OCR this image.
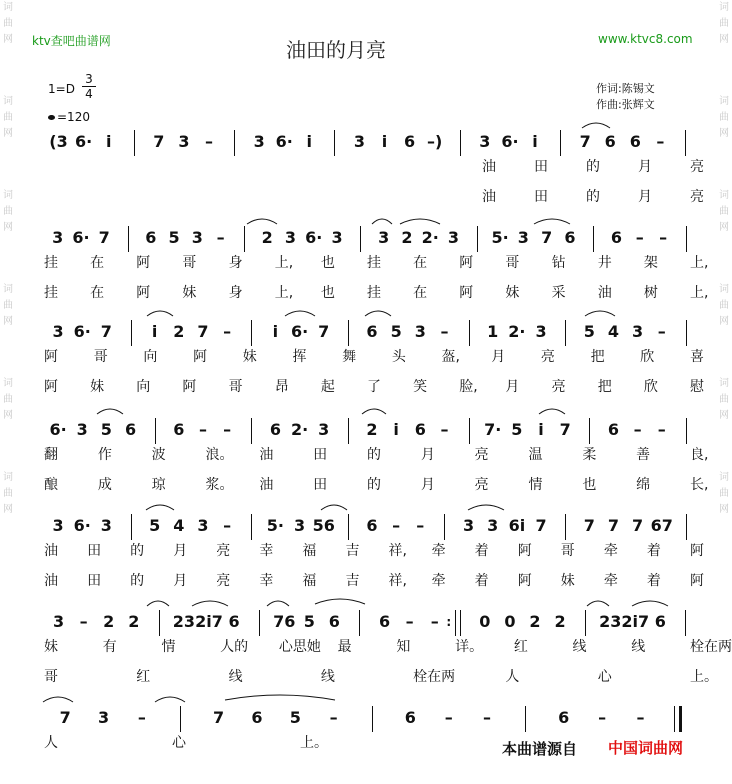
词
曲
网
词
曲
网
词
曲
网
词
曲
网
词
曲
网
词
曲
网
词
曲
网
词
曲
网
词
曲
网
词
曲
网
词
曲
网
词
曲
网
ktv查吧曲谱网	www.ktvc8.com
油田的月亮
$1=D \frac{3}{4}$
=120
作词:陈锡文
作曲:张辉文
(3 6· i	7 3 –	3 6· i	3 i 6 –) 3 6· i	7 6 6 –
油	田	的	月	亮
油	田	的	月	亮
3 6· 7 6 5 3 – 2 3 6· 3 3 2 2· 3 5· 3 7 6 6 – –
挂 在 阿 哥 身 上, 也 挂 在 阿 哥 钻 井 架 上,
挂 在 阿 妹 身 上, 也 挂 在 阿 妹 采 油 树 上,
3 6· 7 i 2 7 –	i 6· 7 6 5 3 – 1 2· 3 5 4 3 –
阿	哥	向	阿	妹	挥	舞	头	盔, 月	亮	把	欣	喜
阿 妹 向 阿 哥 昂 起 了 笑 脸, 月 亮 把 欣 慰
6· 3 5 6 6 – – 6 2· 3 2 i 6 – 7· 5 i 7 6 – –
翻	作	波	浪。 油	田	的	月	亮	温	柔	善	良,
酿	成	琼	浆。 油	田	的	月	亮	情	也	绵	长,
3 6· 3 5 4 3 – 5· 3 56 6 – – 3 3 6i 7 7 7 7 67
油 田 的 月 亮 幸 福 吉 祥, 牵 着 阿 哥 牵 着 阿
油 田 的 月 亮 幸 福 吉 祥, 牵 着 阿 妹 牵 着 阿
3 – 2 2 23 2i7 6 76 5 6 6 – – : 0 0 2 2 23 2i7 6
妹	有	情	人的 心思她 最	知	详。 红	线	线	栓在两
哥	红	线	线	栓在两	人	心	上。
7 3 –	7 6 5 –	6 – –	6 – –
人	心	上。	本曲谱源自 中国词曲网
